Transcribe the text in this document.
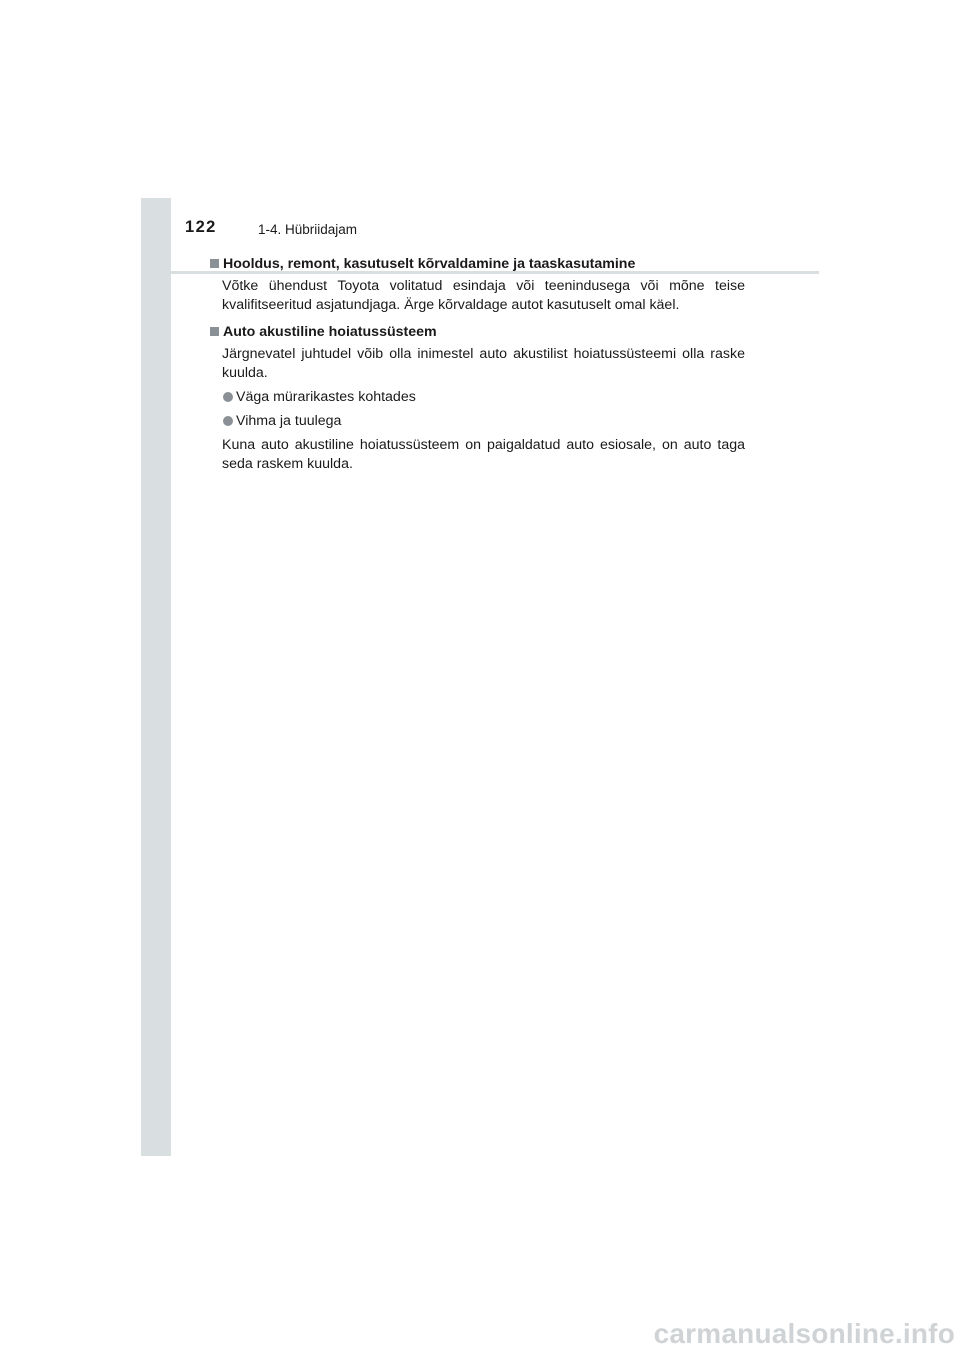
122	1-4. Hübriidajam

Hooldus, remont, kasutuselt kõrvaldamine ja taaskasutamine

Võtke ühendust Toyota volitatud esindaja või teenindusega või mõne teise kvalifitseeritud asjatundjaga. Ärge kõrvaldage autot kasutuselt omal käel.

Auto akustiline hoiatussüsteem

Järgnevatel juhtudel võib olla inimestel auto akustilist hoiatussüsteemi olla raske kuulda.

Väga mürarikastes kohtades

Vihma ja tuulega

Kuna auto akustiline hoiatussüsteem on paigaldatud auto esiosale, on auto taga seda raskem kuulda.

carmanualsonline.info
